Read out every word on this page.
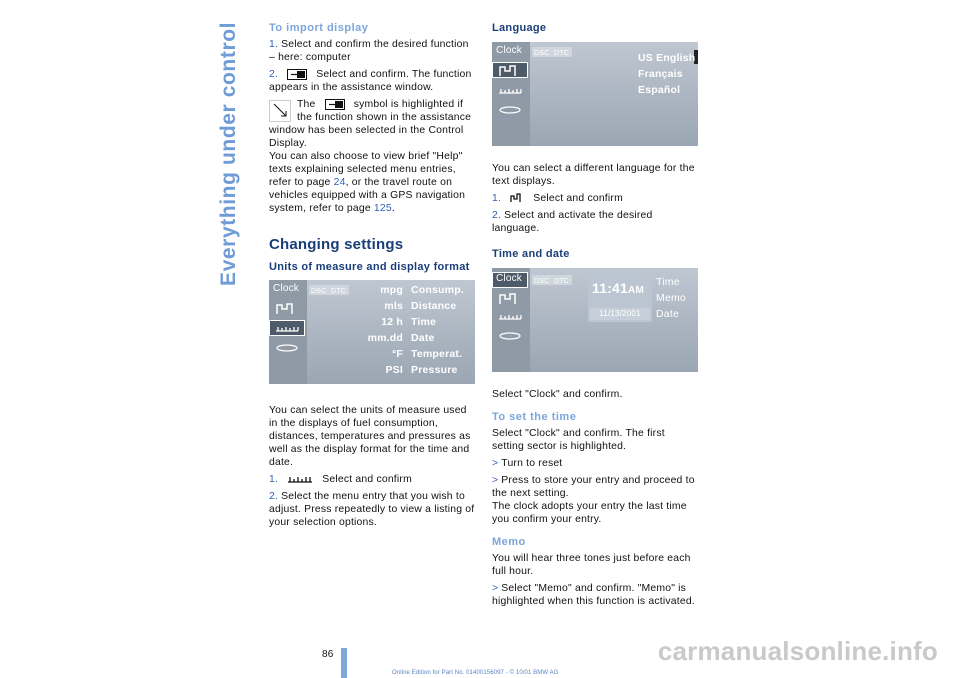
Everything under control	To import display

1. Select and confirm the desired function – here: computer

2.	Select and confirm. The function appears in the assistance window.

The	symbol is highlighted if the function shown in the assistance window has been selected in the Control Display.

You can also choose to view brief "Help" texts explaining selected menu entries, refer to page 24, or the travel route on vehicles equipped with a GPS navigation system, refer to page 125.

Changing settings
Units of measure and display format
Clock	DSC DTC	mpg Consump.
mls Distance
12 h Time
mm.dd Date
°F Temperat.
PSI Pressure

You can select the units of measure used in the displays of fuel consumption, distances, temperatures and pressures as well as the display format for the time and date.

1.	Select and confirm

2. Select the menu entry that you wish to adjust. Press repeatedly to view a listing of your selection options.

Language
Clock	DSC DTC	US English
Français
Español

You can select a different language for the text displays.

1.	Select and confirm

2. Select and activate the desired language.

Time and date
Clock	DSC DTC 11:41AM
11/13/2001
Time
Memo
Date

Select "Clock" and confirm.

To set the time

Select "Clock" and confirm. The first setting sector is highlighted.

> Turn to reset

> Press to store your entry and proceed to the next setting.

The clock adopts your entry the last time you confirm your entry.

Memo

You will hear three tones just before each full hour.

> Select "Memo" and confirm. "Memo" is highlighted when this function is activated.

86
Online Edition for Part No. 01400156097 - © 10/01 BMW AG
carmanualsonline.info
